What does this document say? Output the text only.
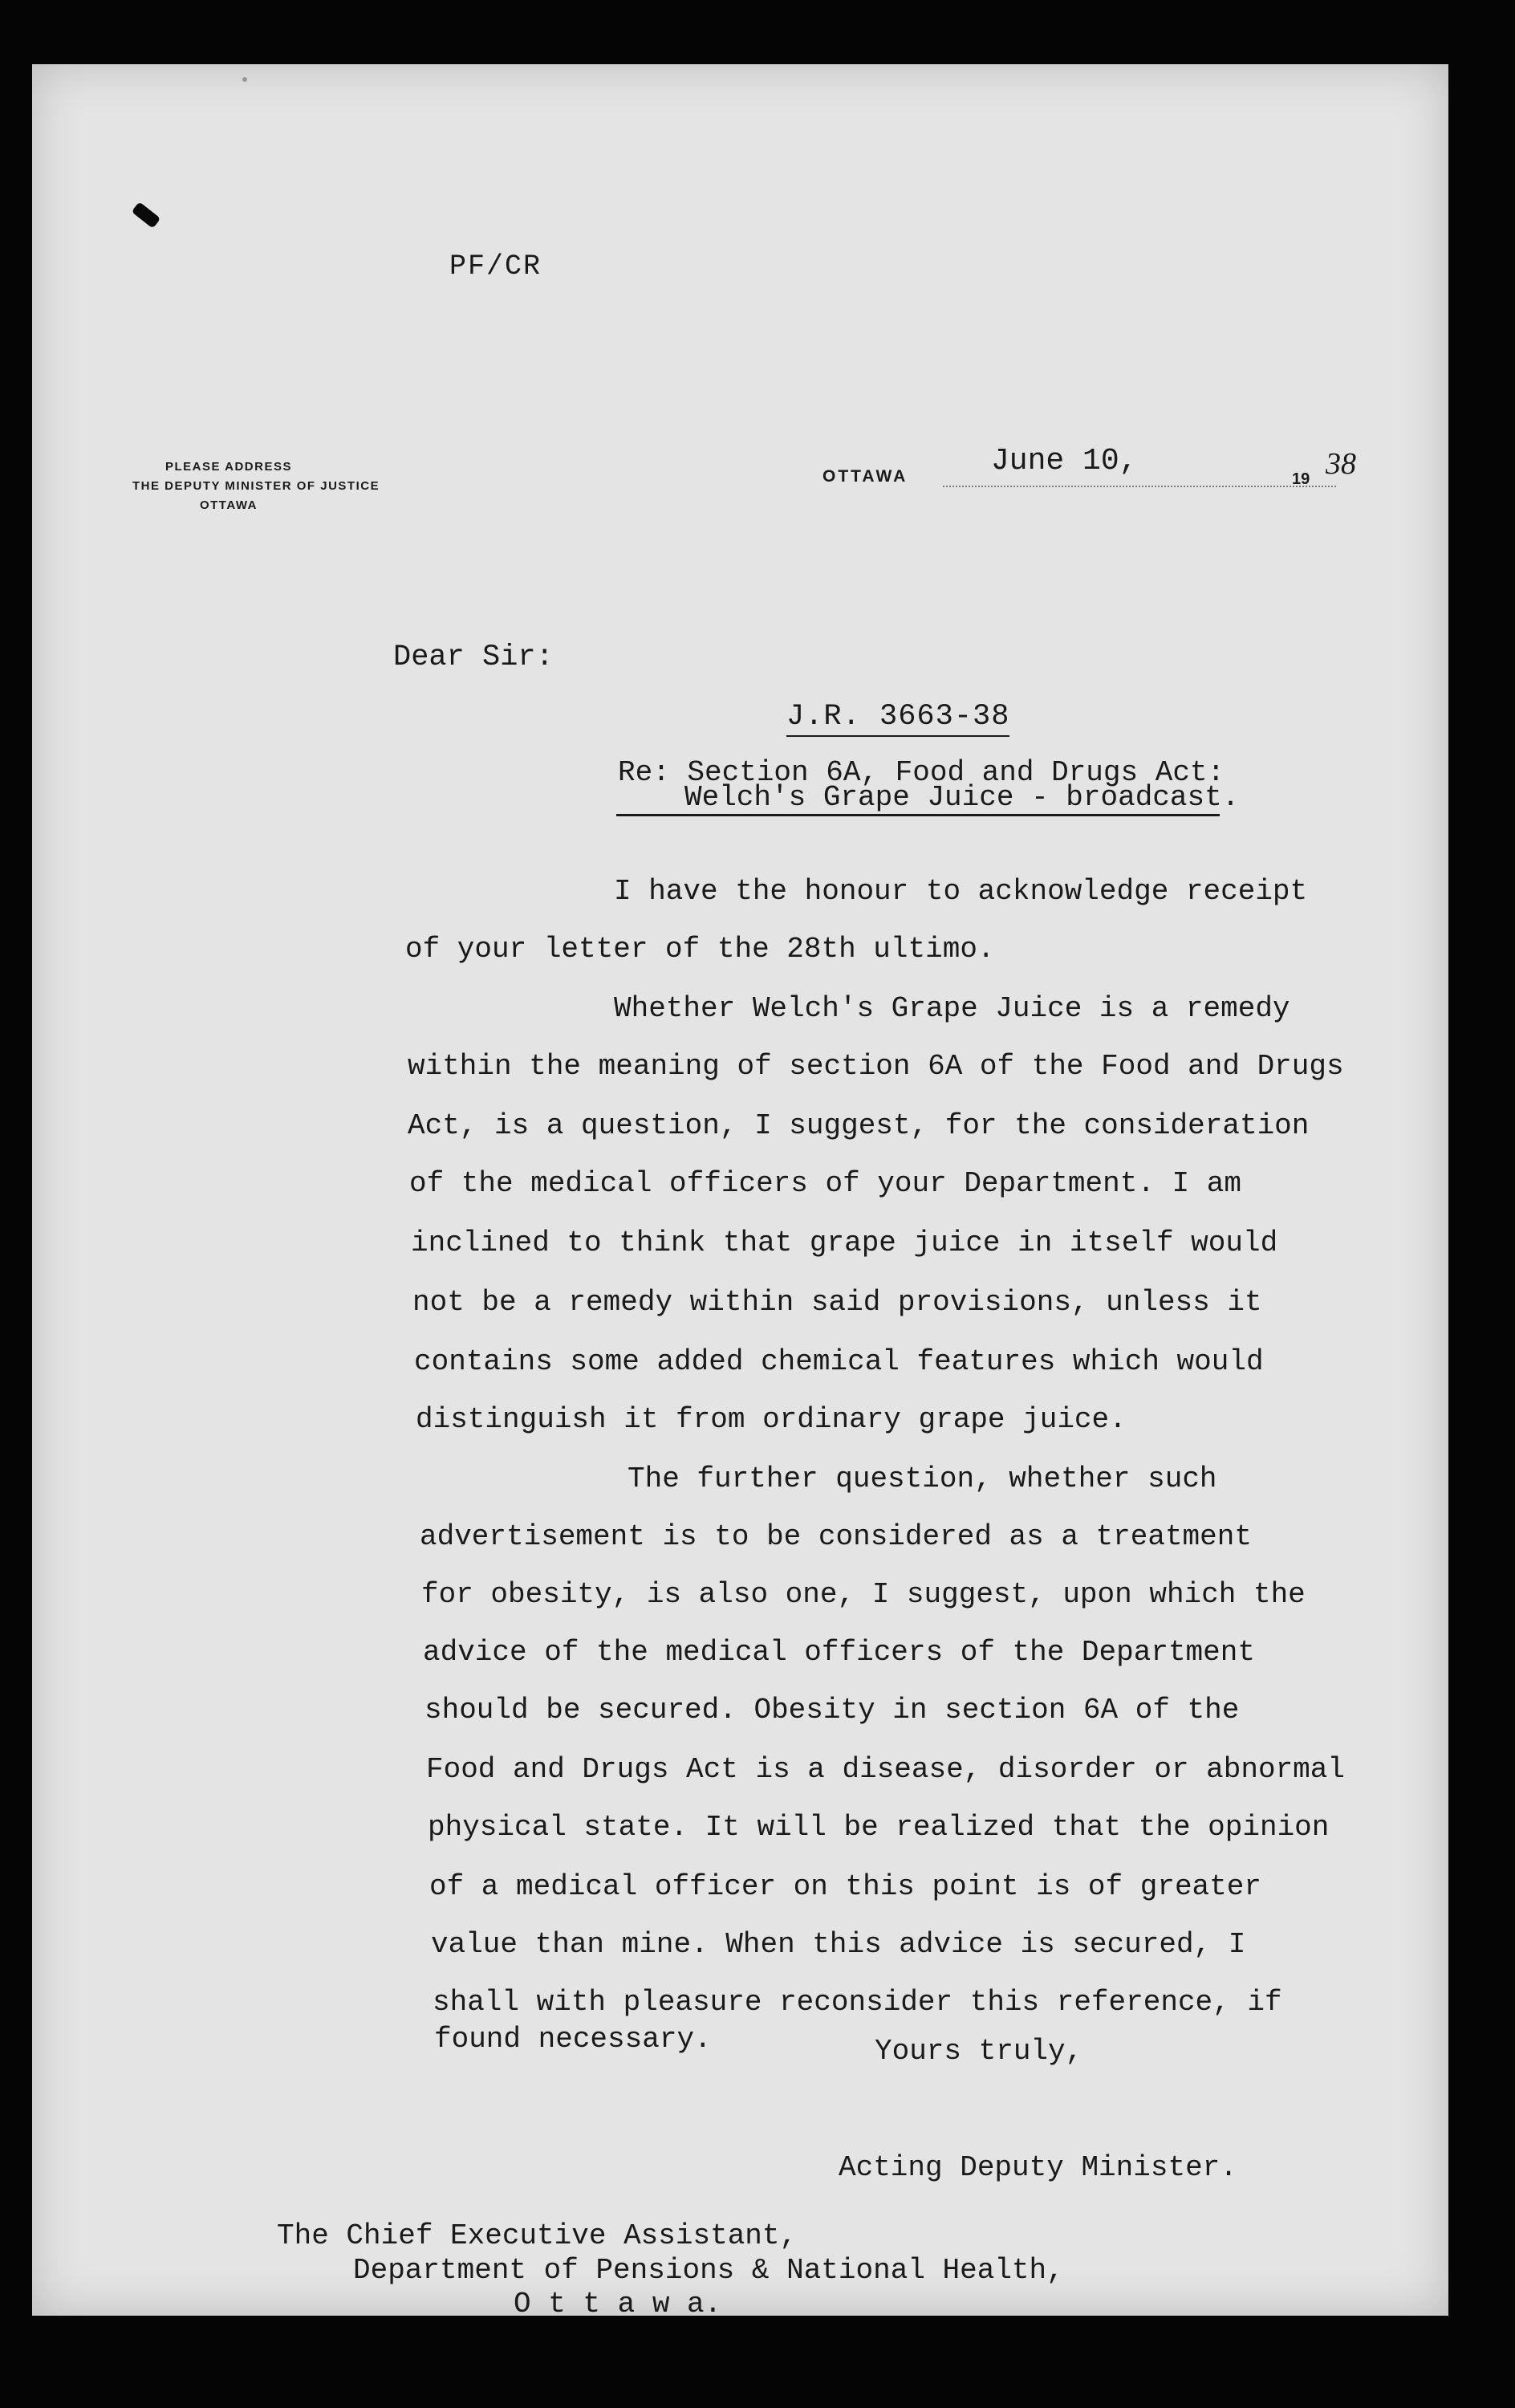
PF/CR
PLEASE ADDRESS
THE DEPUTY MINISTER OF JUSTICE
OTTAWA
OTTAWA	June 10,
19 38
Dear Sir:
J.R. 3663-38
Re: Section 6A, Food and Drugs Act:
Welch's Grape Juice - broadcast.
I have the honour to acknowledge receipt
of your letter of the 28th ultimo.
Whether Welch's Grape Juice is a remedy
within the meaning of section 6A of the Food and Drugs
Act, is a question, I suggest, for the consideration
of the medical officers of your Department. I am
inclined to think that grape juice in itself would
not be a remedy within said provisions, unless it
contains some added chemical features which would
distinguish it from ordinary grape juice.
The further question, whether such
advertisement is to be considered as a treatment
for obesity, is also one, I suggest, upon which the
advice of the medical officers of the Department
should be secured. Obesity in section 6A of the
Food and Drugs Act is a disease, disorder or abnormal
physical state. It will be realized that the opinion
of a medical officer on this point is of greater
value than mine. When this advice is secured, I
shall with pleasure reconsider this reference, if
found necessary.	Yours truly,
Acting Deputy Minister.
The Chief Executive Assistant,
Department of Pensions & National Health,
O t t a w a.
